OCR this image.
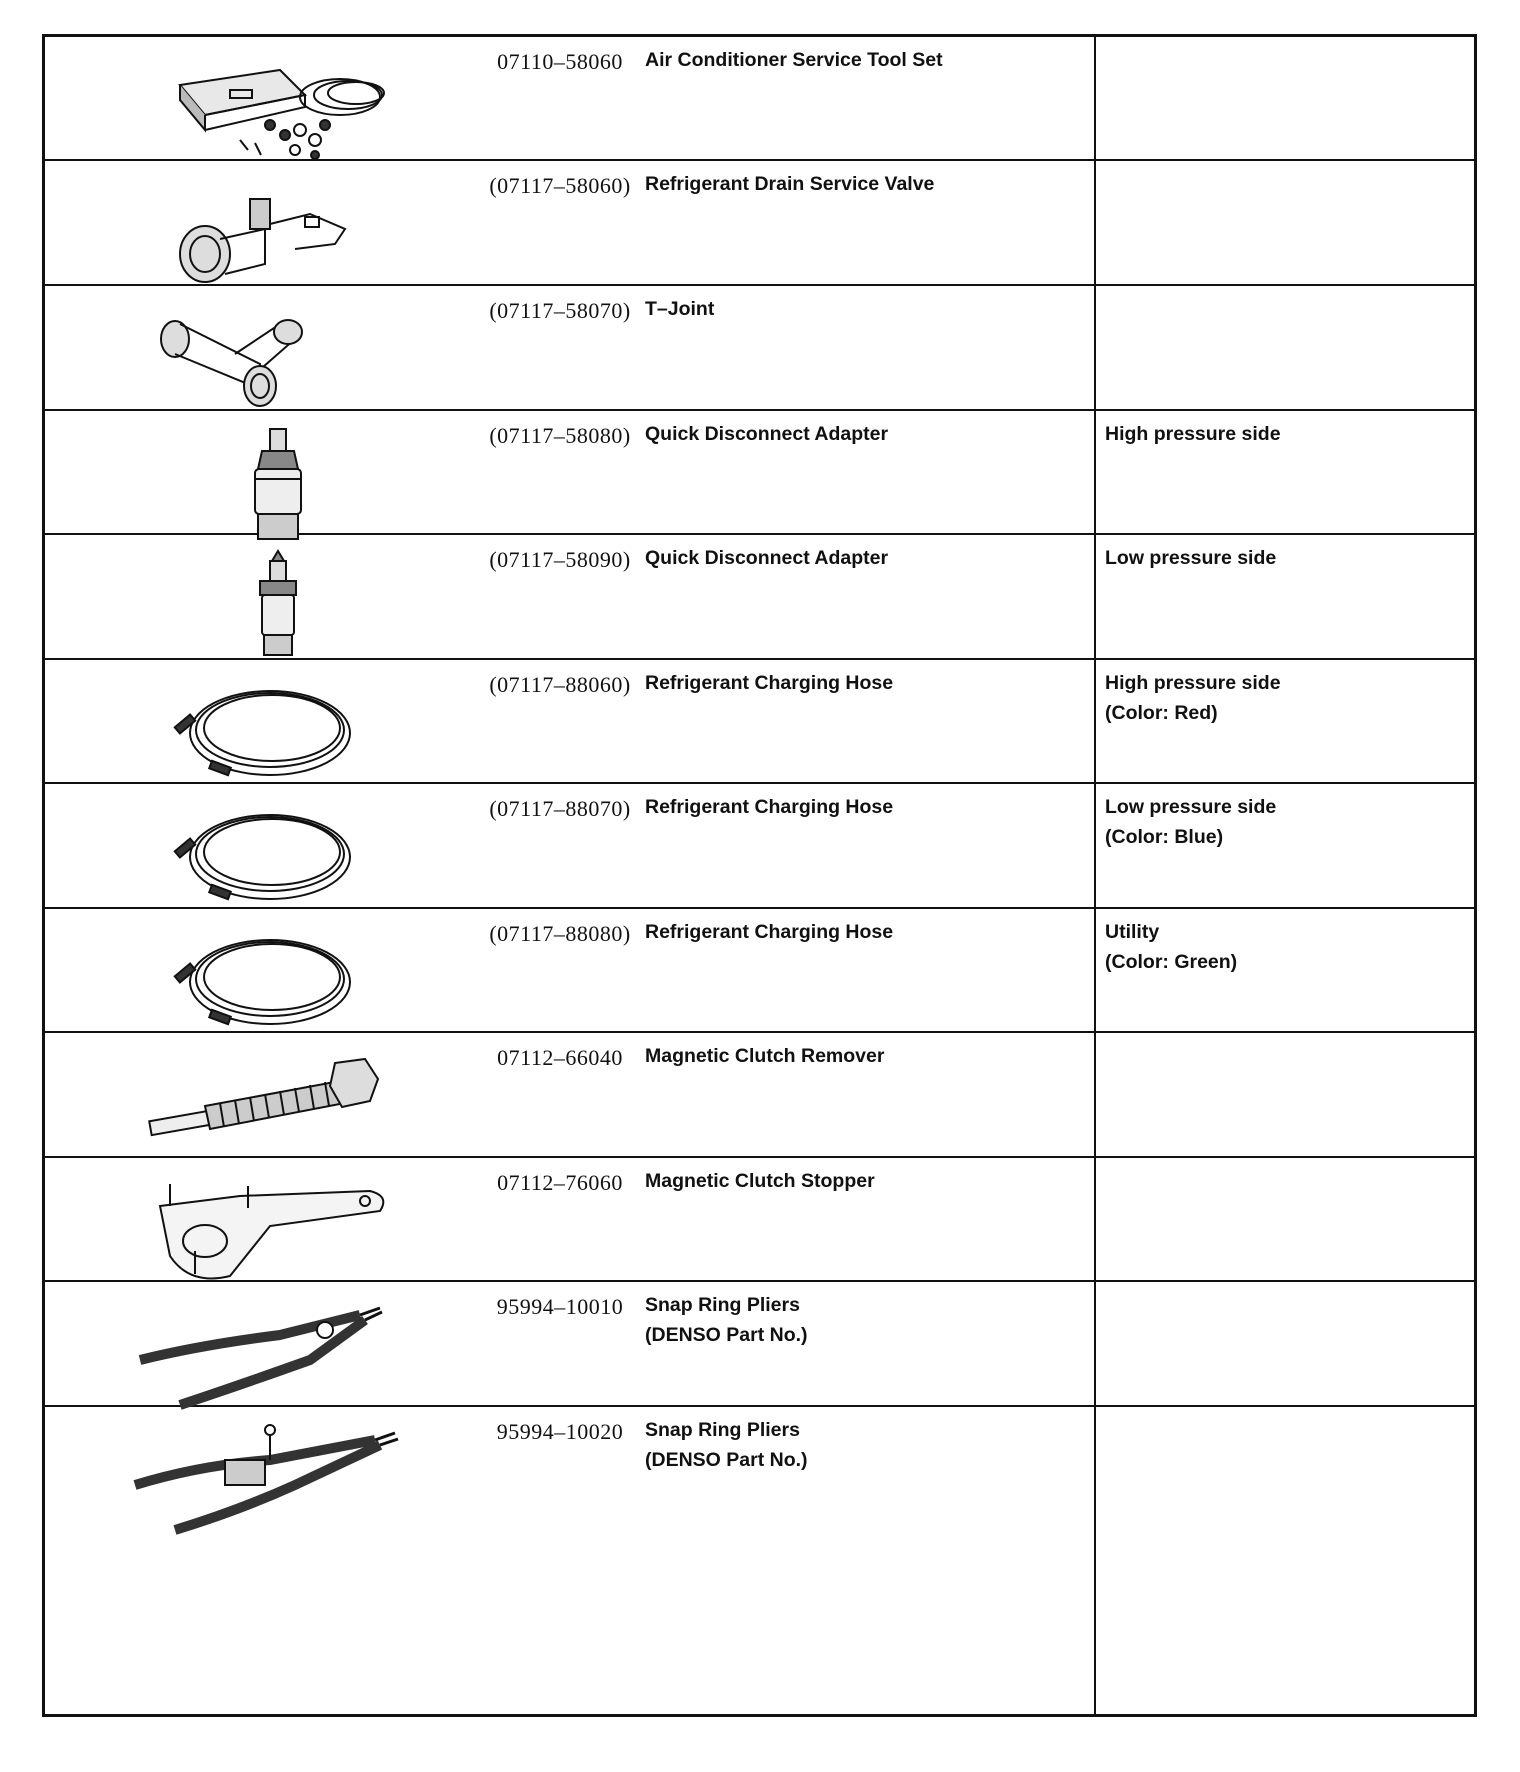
07110–58060	Air Conditioner Service Tool Set
(07117–58060) Refrigerant Drain Service Valve
(07117–58070) T–Joint
(07117–58080) Quick Disconnect Adapter	High pressure side
(07117–58090) Quick Disconnect Adapter	Low pressure side
(07117–88060) Refrigerant Charging Hose	High pressure side
(Color: Red)
(07117–88070) Refrigerant Charging Hose	Low pressure side
(Color: Blue)
(07117–88080) Refrigerant Charging Hose	Utility
(Color: Green)
07112–66040	Magnetic Clutch Remover
07112–76060	Magnetic Clutch Stopper
95994–10010	Snap Ring Pliers
(DENSO Part No.)
95994–10020	Snap Ring Pliers
(DENSO Part No.)
